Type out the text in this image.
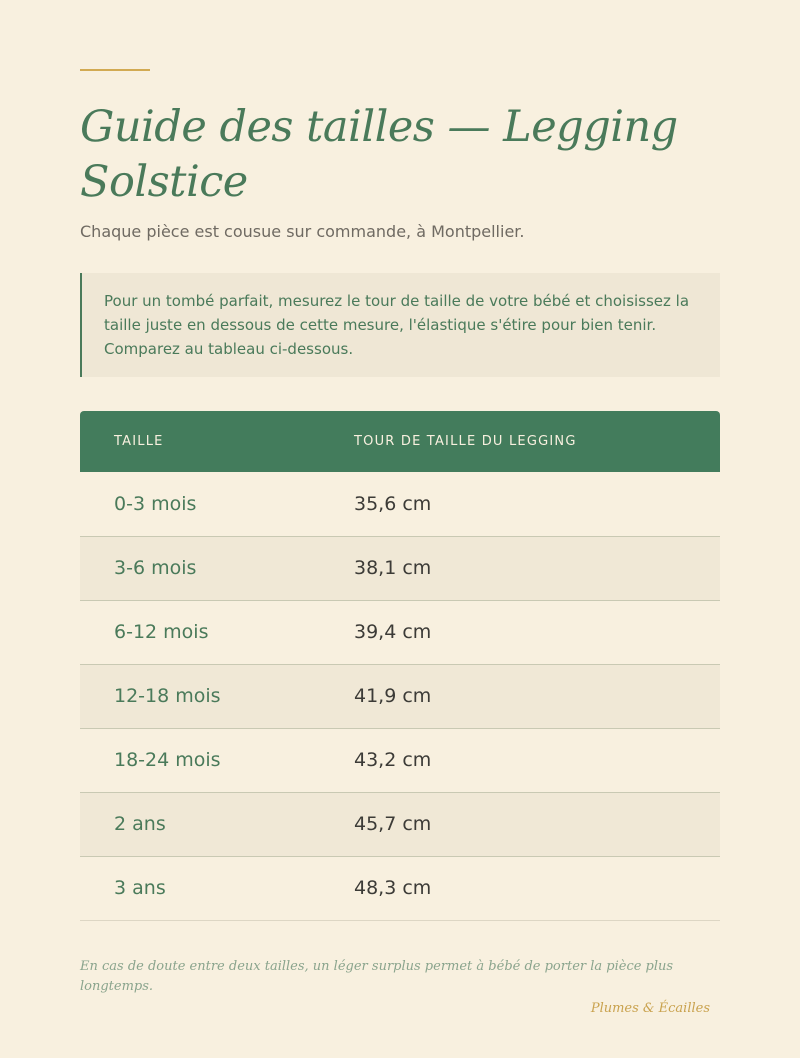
Guide des tailles — Legging Solstice
Chaque pièce est cousue sur commande, à Montpellier.

Pour un tombé parfait, mesurez le tour de taille de votre bébé et choisissez la taille juste en dessous de cette mesure, l'élastique s'étire pour bien tenir. Comparez au tableau ci-dessous.

TAILLE	TOUR DE TAILLE DU LEGGING
0-3 mois	35,6 cm
3-6 mois	38,1 cm
6-12 mois	39,4 cm
12-18 mois	41,9 cm
18-24 mois	43,2 cm
2 ans	45,7 cm
3 ans	48,3 cm
En cas de doute entre deux tailles, un léger surplus permet à bébé de porter la pièce plus longtemps.
Plumes & Écailles
